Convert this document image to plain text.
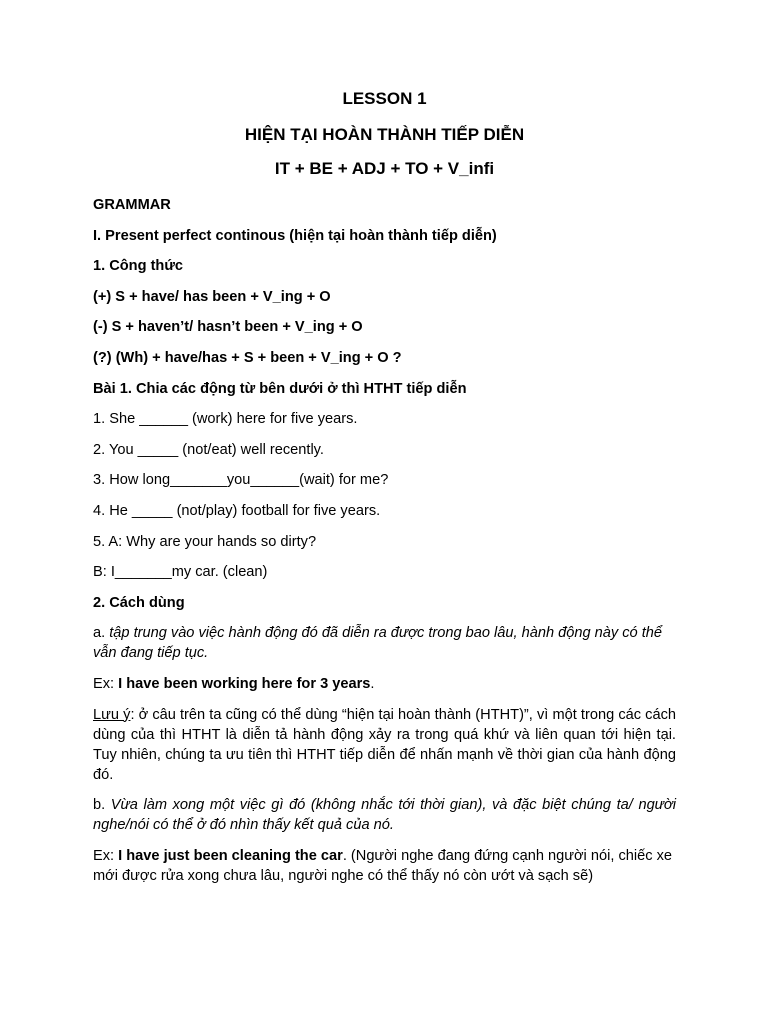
LESSON 1

HIỆN TẠI HOÀN THÀNH TIẾP DIỄN

IT + BE + ADJ + TO + V_infi

GRAMMAR

I. Present perfect continous (hiện tại hoàn thành tiếp diễn)

1. Công thức

(+) S + have/ has been + V_ing + O

(-) S + haven’t/ hasn’t been + V_ing + O

(?) (Wh) + have/has + S + been + V_ing + O ?

Bài 1. Chia các động từ bên dưới ở thì HTHT tiếp diễn

1. She ______ (work) here for five years.

2. You _____ (not/eat) well recently.

3. How long_______you______(wait) for me?

4. He _____ (not/play) football for five years.

5. A: Why are your hands so dirty?

B: I_______my car. (clean)

2. Cách dùng

a. tập trung vào việc hành động đó đã diễn ra được trong bao lâu, hành động này có thể vẫn đang tiếp tục.

Ex: I have been working here for 3 years.

Lưu ý: ở câu trên ta cũng có thể dùng “hiện tại hoàn thành (HTHT)”, vì một trong các cách dùng của thì HTHT là diễn tả hành động xảy ra trong quá khứ và liên quan tới hiện tại. Tuy nhiên, chúng ta ưu tiên thì HTHT tiếp diễn để nhấn mạnh về thời gian của hành động đó.

b. Vừa làm xong một việc gì đó (không nhắc tới thời gian), và đặc biệt chúng ta/ người nghe/nói có thể ở đó nhìn thấy kết quả của nó.

Ex: I have just been cleaning the car. (Người nghe đang đứng cạnh người nói, chiếc xe mới được rửa xong chưa lâu, người nghe có thể thấy nó còn ướt và sạch sẽ)
